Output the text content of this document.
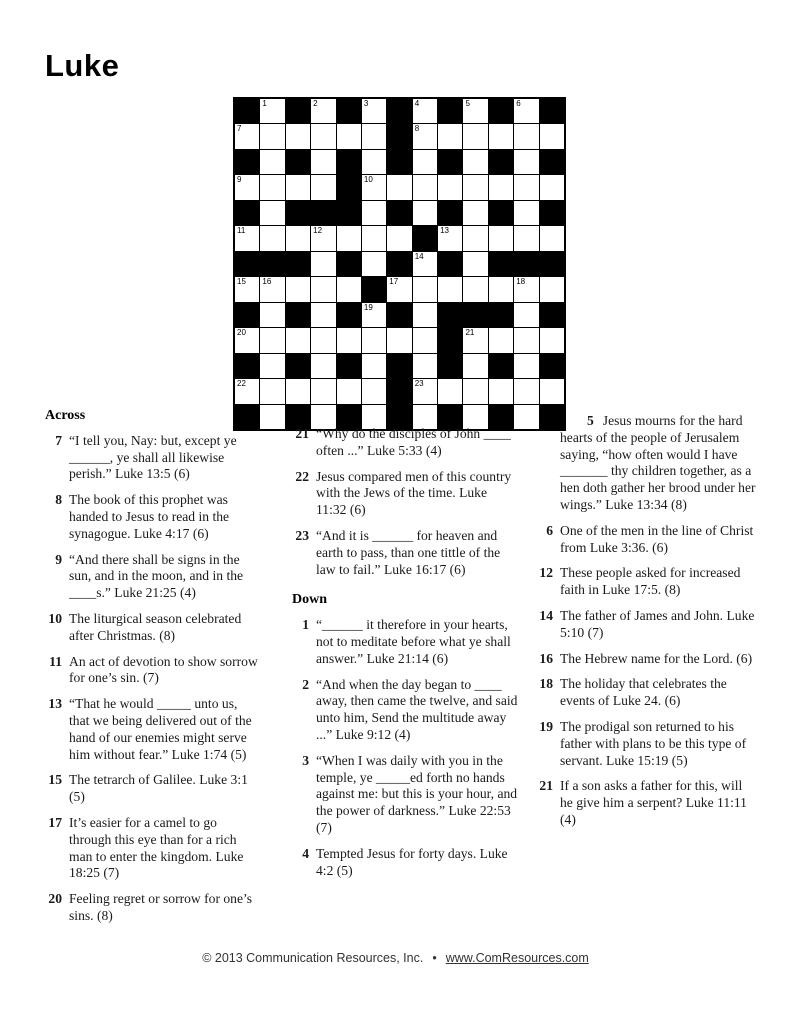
Luke
1	2	3	4	5	6
7	8
9	10
11	12	13
14
15 16	17	18
19
20	21
22	23
Across
7 “I tell you, Nay: but, except ye ______, ye shall all likewise perish.” Luke 13:5 (6)
8 The book of this prophet was handed to Jesus to read in the synagogue. Luke 4:17 (6)
9 “And there shall be signs in the sun, and in the moon, and in the ____s.” Luke 21:25 (4)
10 The liturgical season celebrated after Christmas. (8)
11 An act of devotion to show sorrow for one’s sin. (7)
13 “That he would _____ unto us, that we being delivered out of the hand of our enemies might serve him without fear.” Luke 1:74 (5)
15 The tetrarch of Galilee. Luke 3:1 (5)
17 It’s easier for a camel to go through this eye than for a rich man to enter the kingdom. Luke 18:25 (7)
20 Feeling regret or sorrow for one’s sins. (8)
21 “Why do the disciples of John ____ often ...” Luke 5:33 (4)
22 Jesus compared men of this country with the Jews of the time. Luke 11:32 (6)
23 “And it is ______ for heaven and earth to pass, than one tittle of the law to fail.” Luke 16:17 (6)
Down
1 “______ it therefore in your hearts, not to meditate before what ye shall answer.” Luke 21:14 (6)
2 “And when the day began to ____ away, then came the twelve, and said unto him, Send the multitude away ...” Luke 9:12 (4)
3 “When I was daily with you in the temple, ye _____ed forth no hands against me: but this is your hour, and the power of darkness.” Luke 22:53 (7)
4 Tempted Jesus for forty days. Luke 4:2 (5)
5 Jesus mourns for the hard hearts of the people of Jerusalem saying, “how often would I have _______ thy children together, as a hen doth gather her brood under her wings.” Luke 13:34 (8)
6 One of the men in the line of Christ from Luke 3:36. (6)
12 These people asked for increased faith in Luke 17:5. (8)
14 The father of James and John. Luke 5:10 (7)
16 The Hebrew name for the Lord. (6)
18 The holiday that celebrates the events of Luke 24. (6)
19 The prodigal son returned to his father with plans to be this type of servant. Luke 15:19 (5)
21 If a son asks a father for this, will he give him a serpent? Luke 11:11 (4)
© 2013 Communication Resources, Inc. • www.ComResources.com
